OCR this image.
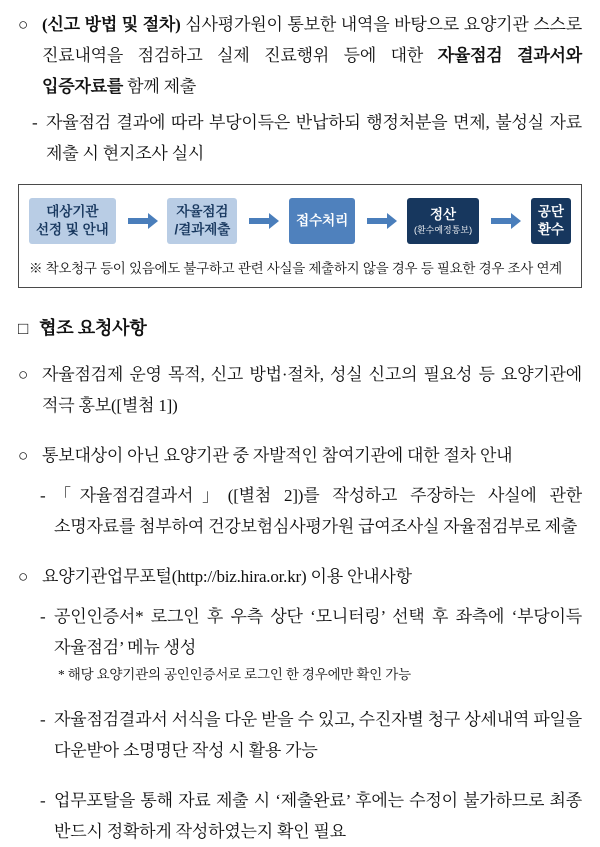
○ (신고 방법 및 절차) 심사평가원이 통보한 내역을 바탕으로 요양기관 스스로 진료내역을 점검하고 실제 진료행위 등에 대한 자율점검 결과서와 입증자료를 함께 제출
- 자율점검 결과에 따라 부당이득은 반납하되 행정처분을 면제, 불성실 자료 제출 시 현지조사 실시
대상기관
선정 및 안내
자율점검
/결과제출
접수처리	정산
(환수예정통보)
공단
환수
※ 착오청구 등이 있음에도 불구하고 관련 사실을 제출하지 않을 경우 등 필요한 경우 조사 연계
□ 협조 요청사항
○ 자율점검제 운영 목적, 신고 방법·절차, 성실 신고의 필요성 등 요양기관에 적극 홍보([별첨 1])
○ 통보대상이 아닌 요양기관 중 자발적인 참여기관에 대한 절차 안내
- 「자율점검결과서」([별첨 2])를 작성하고 주장하는 사실에 관한 소명자료를 첨부하여 건강보험심사평가원 급여조사실 자율점검부로 제출
○ 요양기관업무포털(http://biz.hira.or.kr) 이용 안내사항
- 공인인증서* 로그인 후 우측 상단 ‘모니터링’ 선택 후 좌측에 ‘부당이득 자율점검’ 메뉴 생성
* 해당 요양기관의 공인인증서로 로그인 한 경우에만 확인 가능
- 자율점검결과서 서식을 다운 받을 수 있고, 수진자별 청구 상세내역 파일을 다운받아 소명명단 작성 시 활용 가능
- 업무포탈을 통해 자료 제출 시 ‘제출완료’ 후에는 수정이 불가하므로 최종 반드시 정확하게 작성하였는지 확인 필요
